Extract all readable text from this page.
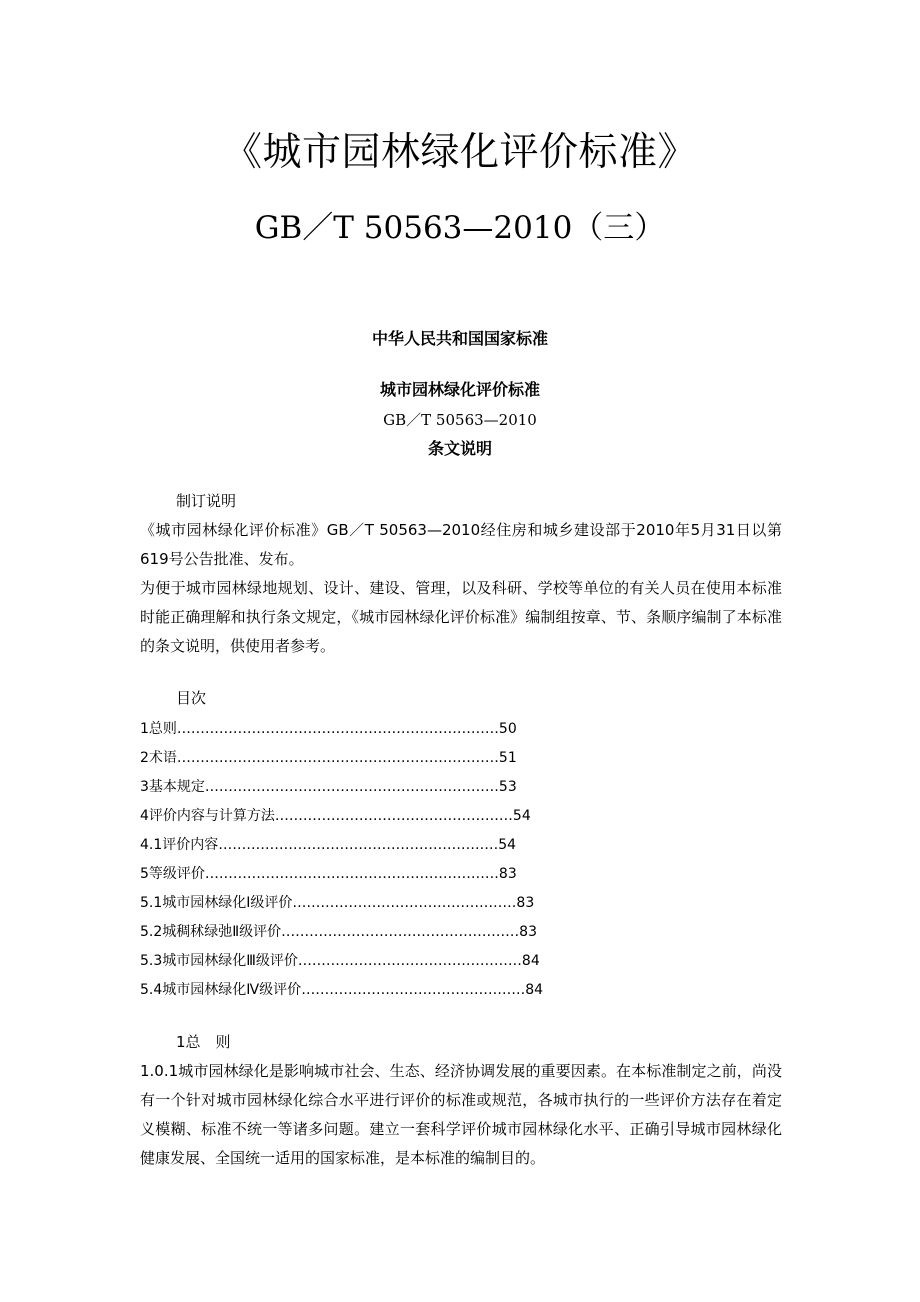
《城市园林绿化评价标准》
GB／T 50563—2010（三）
中华人民共和国国家标准
城市园林绿化评价标准
GB／T 50563—2010
条文说明
制订说明
《城市园林绿化评价标准》GB／T 50563—2010经住房和城乡建设部于2010年5月31日以第619号公告批准、发布。
为便于城市园林绿地规划、设计、建设、管理，以及科研、学校等单位的有关人员在使用本标准时能正确理解和执行条文规定，《城市园林绿化评价标准》编制组按章、节、条顺序编制了本标准的条文说明，供使用者参考。
目次
1总则 …………………………………………………………… 50
2术语 …………………………………………………………… 51
3基本规定 ……………………………………………………… 53
4评价内容与计算方法 …………………………………………… 54
4.1评价内容 …………………………………………………… 54
5等级评价 ……………………………………………………… 83
5.1城市园林绿化Ⅰ级评价 ………………………………………… 83
5.2城稠秫绿弛Ⅱ级评价 …………………………………………… 83
5.3城市园林绿化Ⅲ级评价 ………………………………………… 84
5.4城市园林绿化Ⅳ级评价 ………………………………………… 84
1总　则
1.0.1城市园林绿化是影响城市社会、生态、经济协调发展的重要因素。在本标准制定之前，尚没有一个针对城市园林绿化综合水平进行评价的标准或规范，各城市执行的一些评价方法存在着定义模糊、标准不统一等诸多问题。建立一套科学评价城市园林绿化水平、正确引导城市园林绿化健康发展、全国统一适用的国家标准，是本标准的编制目的。
